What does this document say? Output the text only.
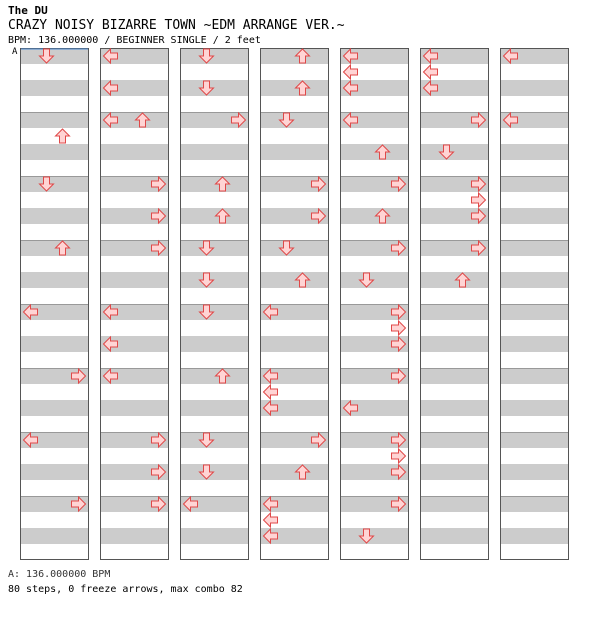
The DU
CRAZY NOISY BIZARRE TOWN ~EDM ARRANGE VER.~
BPM: 136.000000 / BEGINNER SINGLE / 2 feet
A
A: 136.000000 BPM
80 steps, 0 freeze arrows, max combo 82
